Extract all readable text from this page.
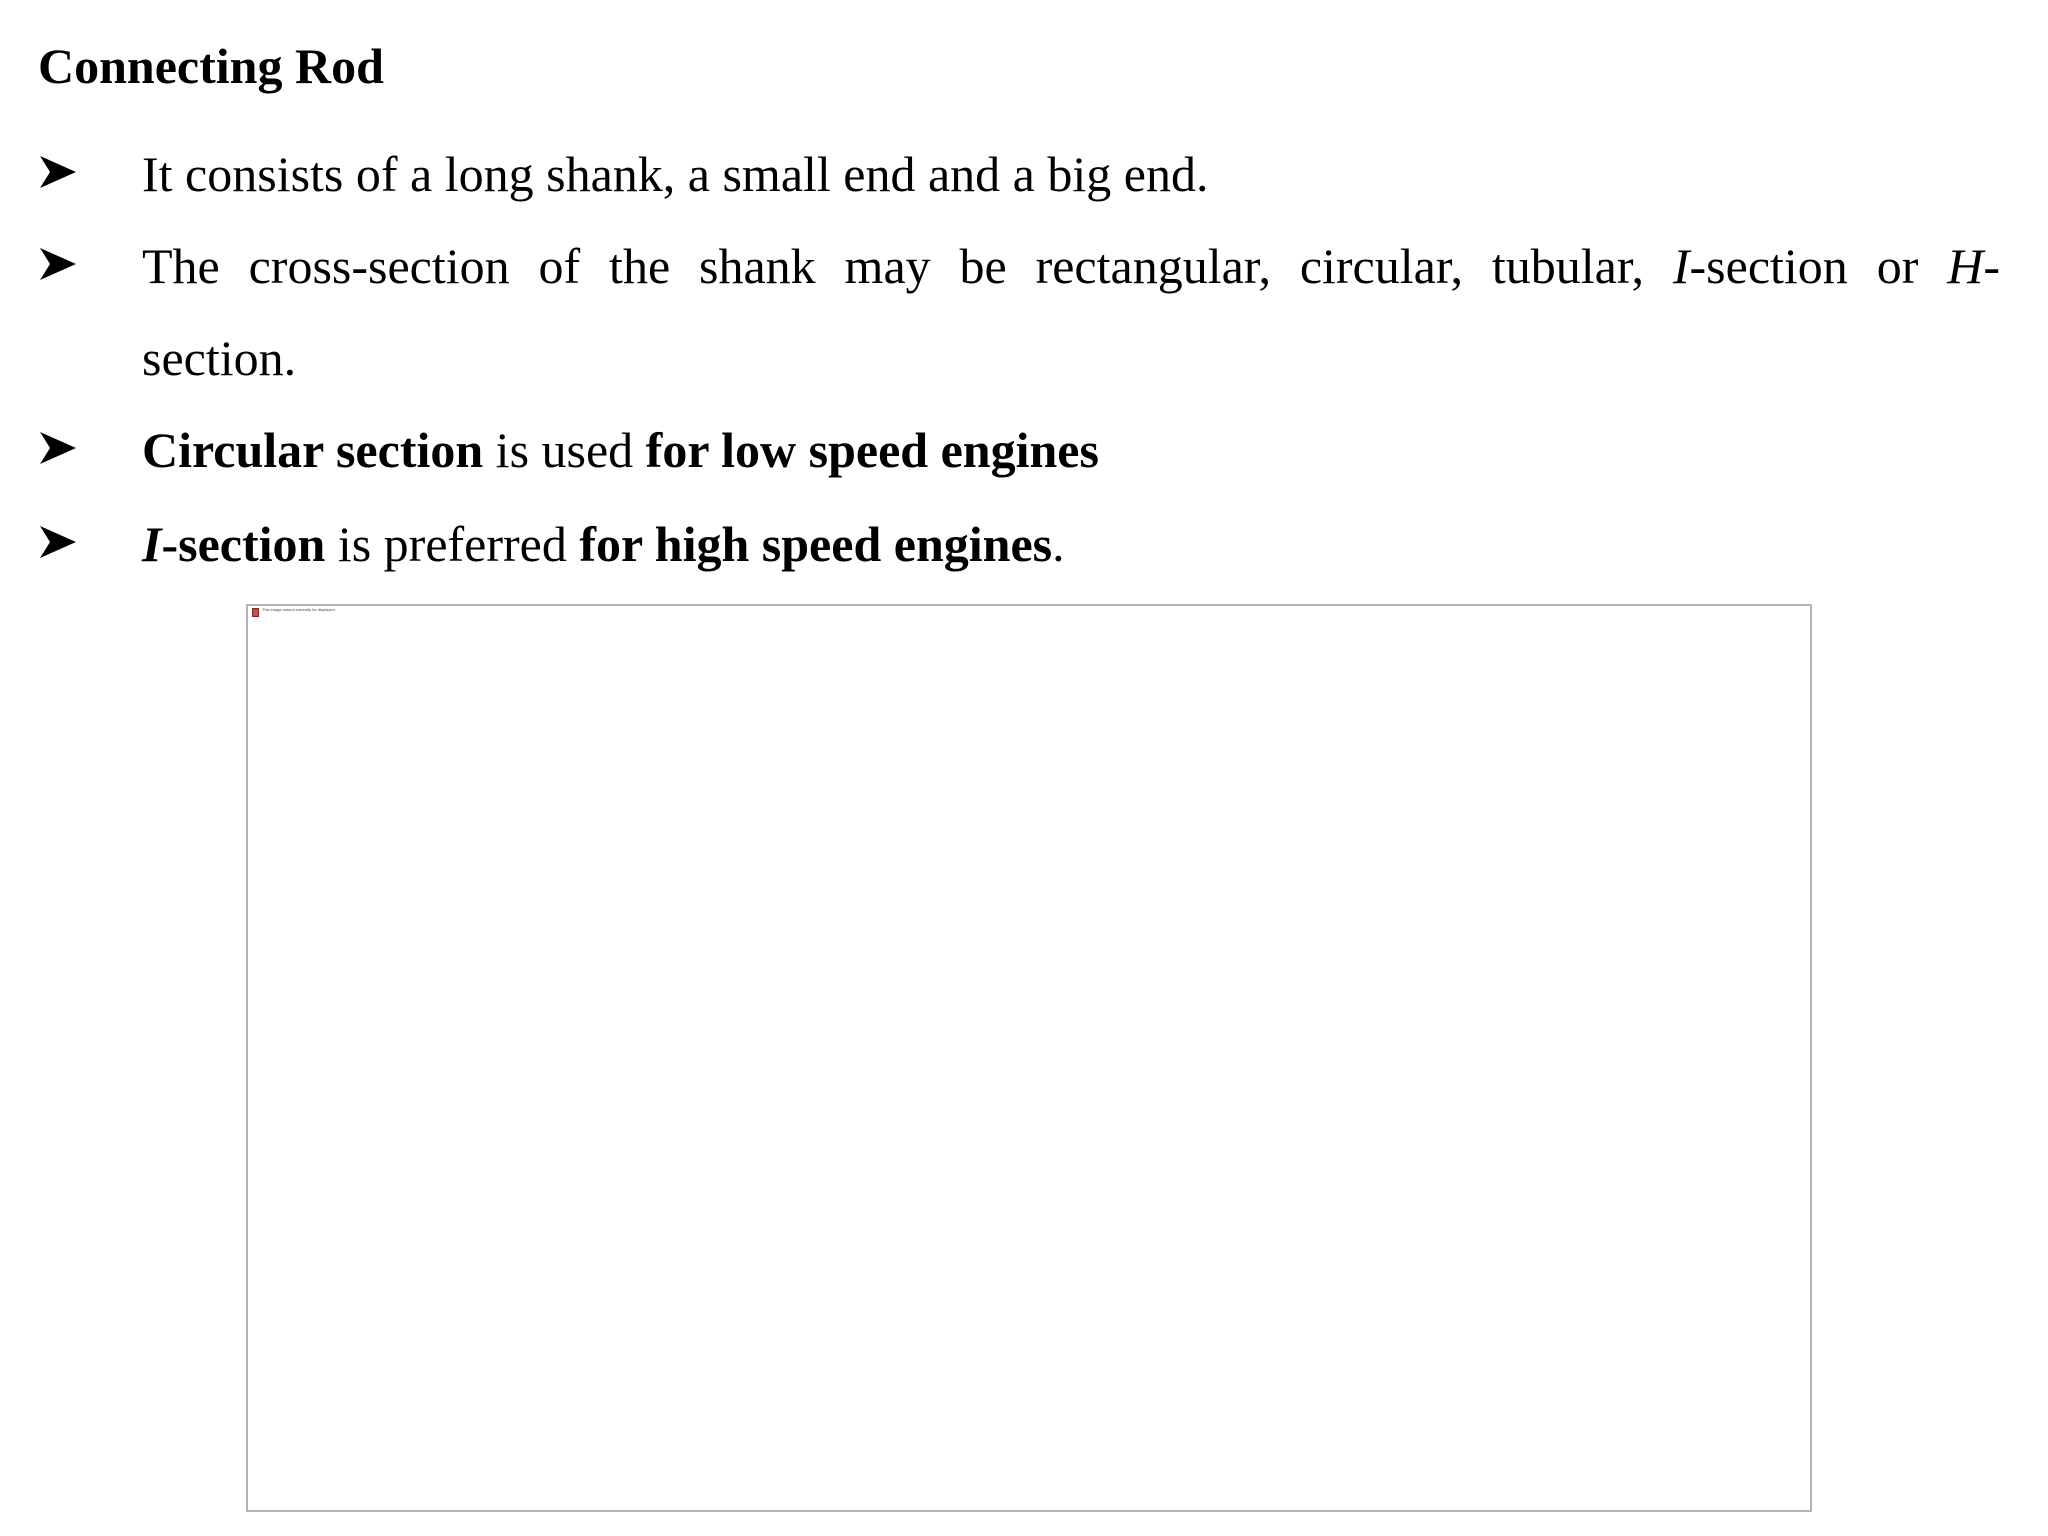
Connecting Rod
It consists of a long shank, a small end and a big end.
The cross-section of the shank may be rectangular, circular, tubular, I-section or H-
section.
Circular section is used for low speed engines
I-section is preferred for high speed engines.
This image cannot currently be displayed.
